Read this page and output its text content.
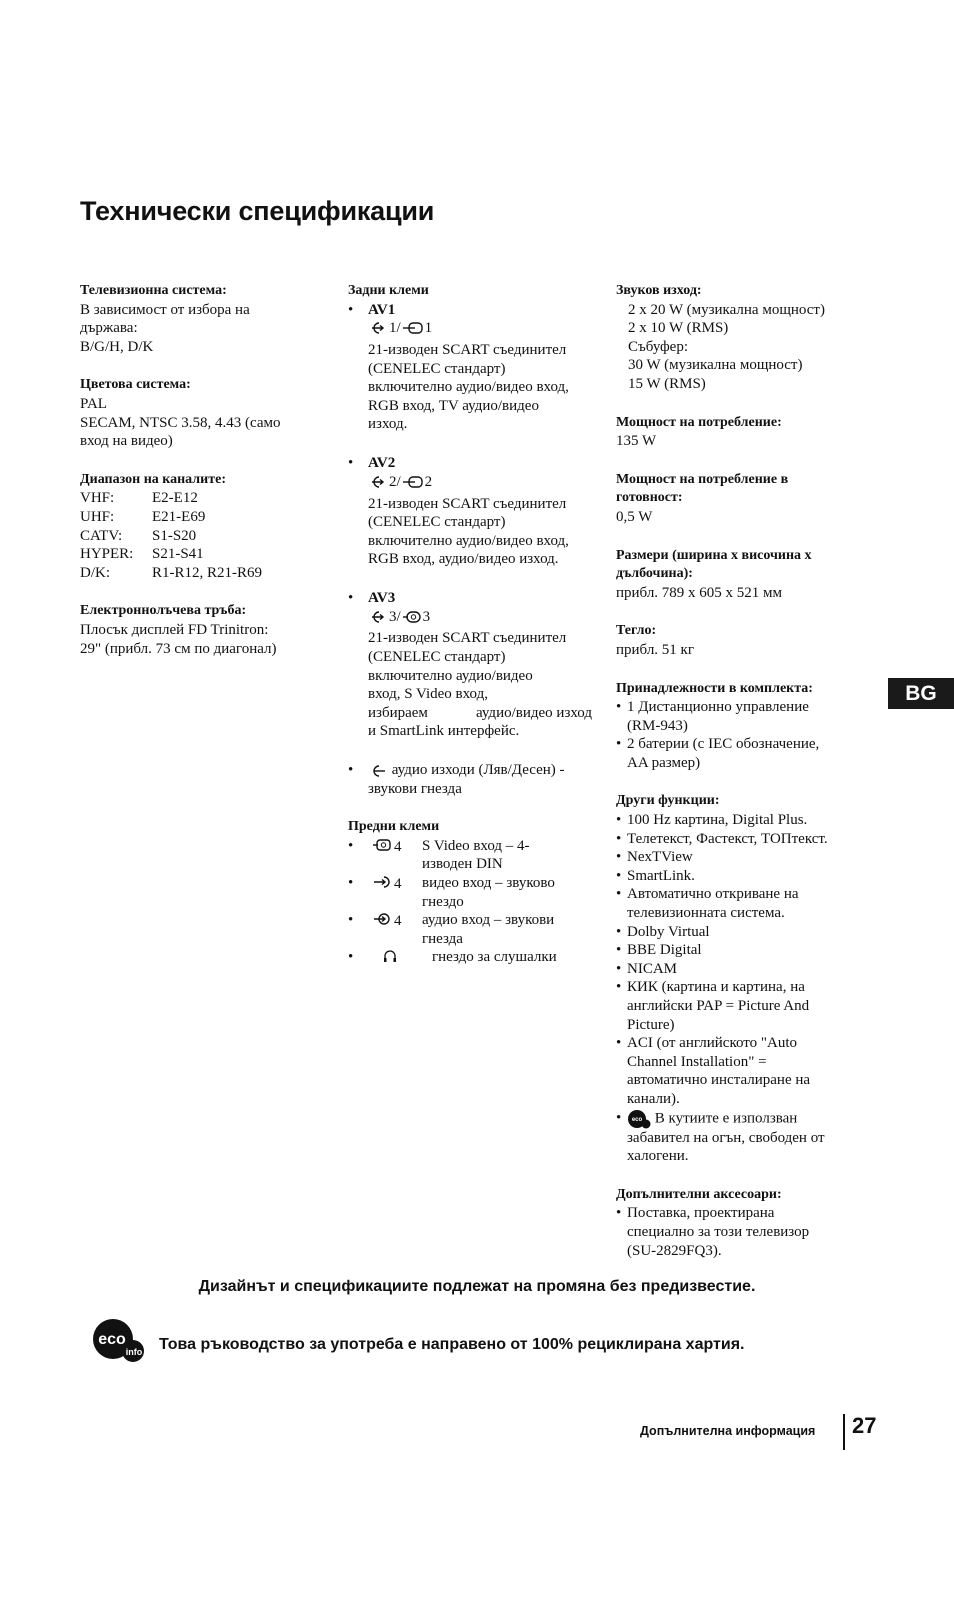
Технически спецификации
Телевизионна система:
В зависимост от избора на
държава:
B/G/H, D/K
Цветова система:
PAL
SECAM, NTSC 3.58, 4.43 (само
вход на видео)
Диапазон на каналите:
VHF:	E2-E12
UHF:	E21-E69
CATV:	S1-S20
HYPER:	S21-S41
D/K:	R1-R12, R21-R69
Електроннолъчева тръба:
Плосък дисплей FD Trinitron:
29" (прибл. 73 см по диагонал)
Задни клеми
• AV1
1/ 1
21-изводен SCART съединител
(CENELEC стандарт)
включително аудио/видео вход,
RGB вход, TV аудио/видео
изход.
• AV2
2/ 2
21-изводен SCART съединител
(CENELEC стандарт)
включително аудио/видео вход,
RGB вход, аудио/видео изход.
• AV3
3/ 3
21-изводен SCART съединител
(CENELEC стандарт)
включително аудио/видео
вход, S Video вход,
избираем	аудио/видео изход
и SmartLink интерфейс.
•	аудио изходи (Ляв/Десен) -
звукови гнезда
Предни клеми
•	4 S Video вход – 4-
изводен DIN
•	4 видео вход – звуково
гнездо
•	4 аудио вход – звукови
гнезда
•	гнездо за слушалки
Звуков изход:
2 x 20 W (музикална мощност)
2 x 10 W (RMS)
Събуфер:
30 W (музикална мощност)
15 W (RMS)
Мощност на потребление:
135 W
Мощност на потребление в
готовност:
0,5 W
Размери (ширина х височина х
дълбочина):
прибл. 789 x 605 x 521 мм
Тегло:
прибл. 51 кг
Принадлежности в комплекта:
• 1 Дистанционно управление
(RM-943)
• 2 батерии (с IEC обозначение,
AA размер)
Други функции:
• 100 Hz картина, Digital Plus.
• Телетекст, Фастекст, ТОПтекст.
• NexTView
• SmartLink.
• Автоматично откриване на
телевизионната система.
• Dolby Virtual
• BBE Digital
• NICAM
• КИК (картина и картина, на
английски PAP = Picture And
Picture)
• ACI (от английското "Auto
Channel Installation" =
автоматично инсталиране на
канали).
•	eco В кутиите е използван
забавител на огън, свободен от
халогени.
Допълнителни аксесоари:
• Поставка, проектирана
специално за този телевизор
(SU-2829FQ3).
BG
Дизайнът и спецификациите подлежат на промяна без предизвестие.
eco
info Това ръководство за употреба е направено от 100% рециклирана хартия.
Допълнителна информация 27
